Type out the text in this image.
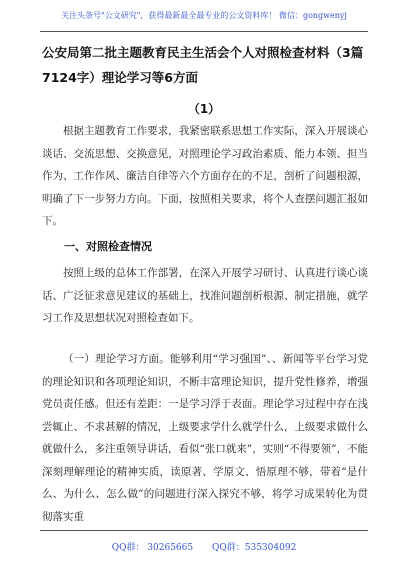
关注头条号"公文研究"，获得最新最全最专业的公文资料库！ 微信：gongwenyj
公安局第二批主题教育民主生活会个人对照检查材料（3篇7124字）理论学习等6方面
（1）

根据主题教育工作要求，我紧密联系思想工作实际，深入开展谈心谈话、交流思想、交换意见，对照理论学习政治素质、能力本领、担当作为、工作作风、廉洁自律等六个方面存在的不足，剖析了问题根源，明确了下一步努力方向。下面，按照相关要求，将个人查摆问题汇报如下。

一、对照检查情况

按照上级的总体工作部署，在深入开展学习研讨、认真进行谈心谈话、广泛征求意见建议的基础上，找准问题剖析根源、制定措施，就学习工作及思想状况对照检查如下。

（一）理论学习方面。能够利用“学习强国”、、新闻等平台学习党的理论知识和各项理论知识，不断丰富理论知识，提升党性修养，增强党员责任感。但还有差距：一是学习浮于表面。理论学习过程中存在浅尝辄止、不求甚解的情况，上级要求学什么就学什么，上级要求做什么就做什么，多注重领导讲话，看似“张口就来”，实则“不得要领”，不能深刻理解理论的精神实质，读原著、学原文、悟原理不够，带着“是什么、为什么、怎么做”的问题进行深入探究不够，将学习成果转化为贯彻落实重

QQ群： 30265665 QQ群：535304092
